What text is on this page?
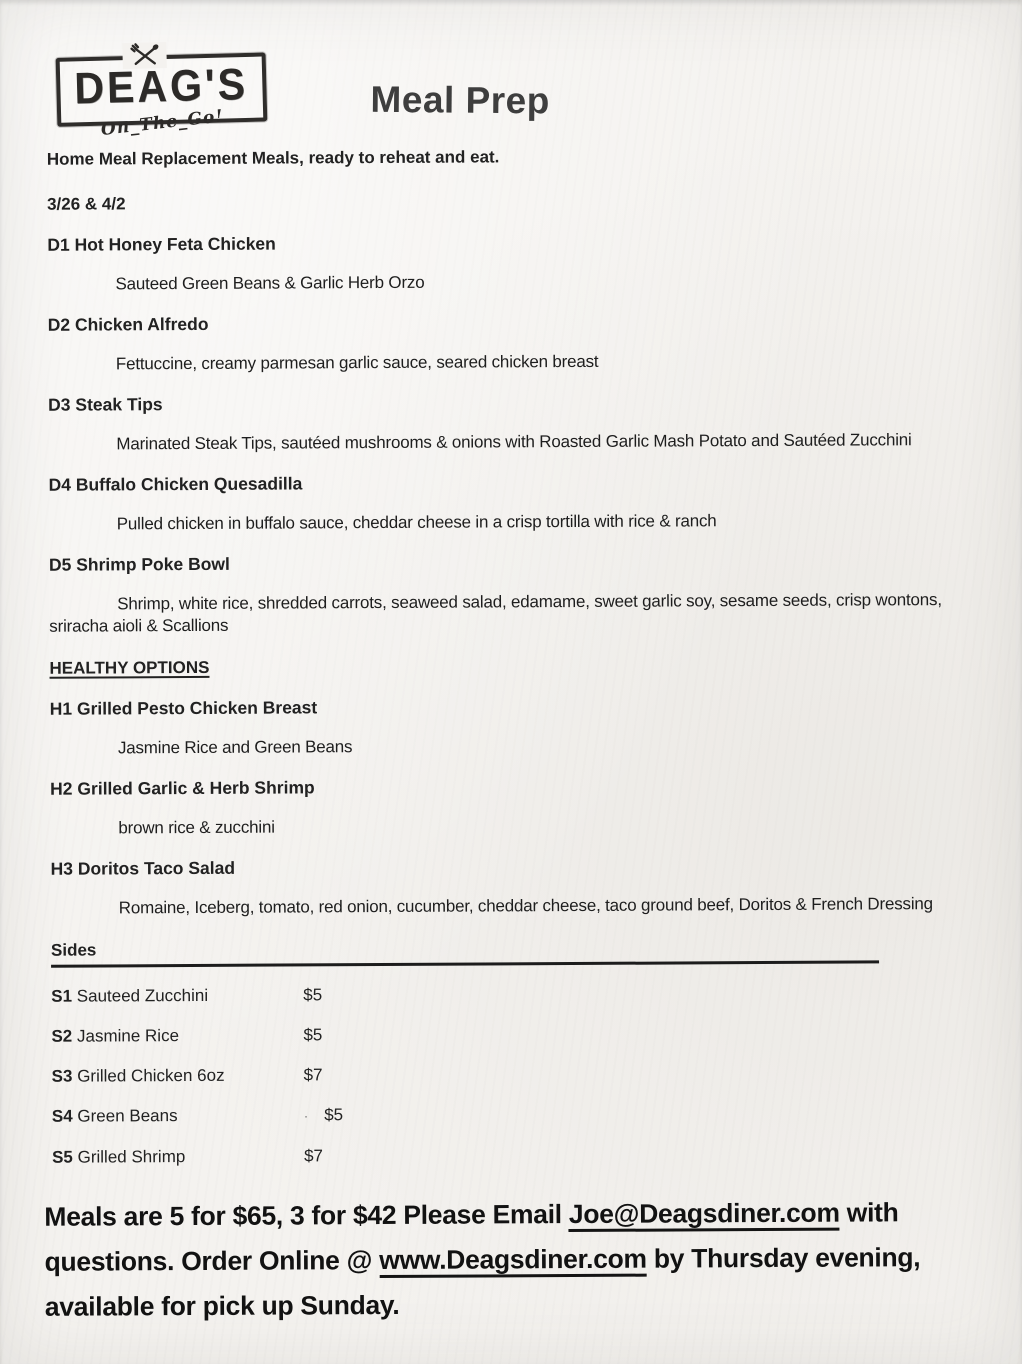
DEAG'S
On_The_Go!
Meal Prep
Home Meal Replacement Meals, ready to reheat and eat.
3/26 & 4/2
D1 Hot Honey Feta Chicken
Sauteed Green Beans & Garlic Herb Orzo
D2 Chicken Alfredo
Fettuccine, creamy parmesan garlic sauce, seared chicken breast
D3 Steak Tips
Marinated Steak Tips, sautéed mushrooms & onions with Roasted Garlic Mash Potato and Sautéed Zucchini
D4 Buffalo Chicken Quesadilla
Pulled chicken in buffalo sauce, cheddar cheese in a crisp tortilla with rice & ranch
D5 Shrimp Poke Bowl
Shrimp, white rice, shredded carrots, seaweed salad, edamame, sweet garlic soy, sesame seeds, crisp wontons,
sriracha aioli & Scallions
HEALTHY OPTIONS
H1 Grilled Pesto Chicken Breast
Jasmine Rice and Green Beans
H2 Grilled Garlic & Herb Shrimp
brown rice & zucchini
H3 Doritos Taco Salad
Romaine, Iceberg, tomato, red onion, cucumber, cheddar cheese, taco ground beef, Doritos & French Dressing
Sides
S1 Sauteed Zucchini	$5
S2 Jasmine Rice	$5
S3 Grilled Chicken 6oz	$7
S4 Green Beans	· $5
S5 Grilled Shrimp	$7
Meals are 5 for $65, 3 for $42 Please Email Joe@Deagsdiner.com with
questions. Order Online @ www.Deagsdiner.com by Thursday evening,
available for pick up Sunday.
